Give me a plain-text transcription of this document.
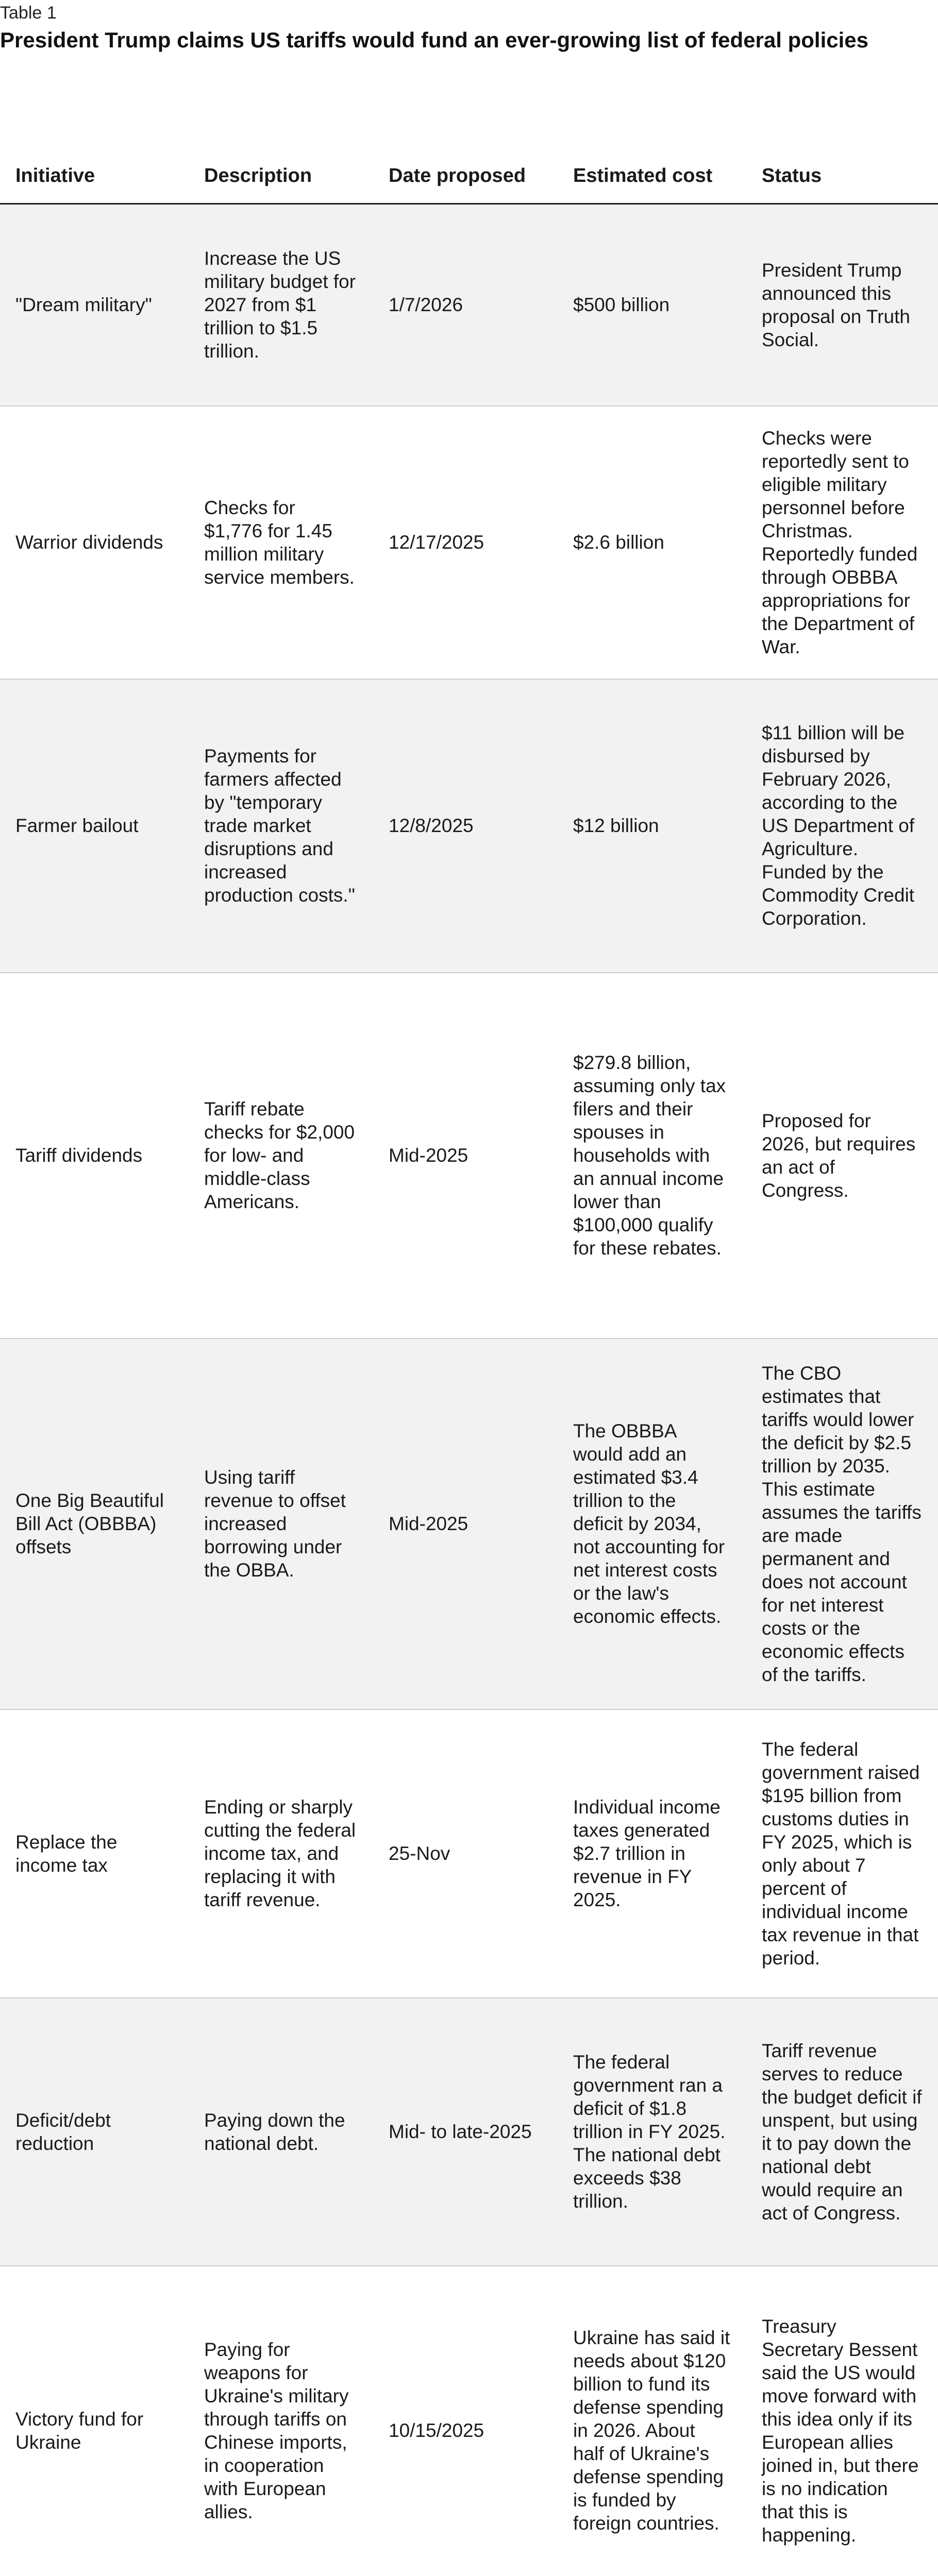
Table 1
President Trump claims US tariffs would fund an ever-growing list of federal policies
Initiative	Description	Date proposed	Estimated cost	Status
"Dream military"	Increase the US military budget for 2027 from $1 trillion to $1.5 trillion.	1/7/2026	$500 billion	President Trump announced this proposal on Truth Social.
Warrior dividends	Checks for $1,776 for 1.45 million military service members.	12/17/2025	$2.6 billion	Checks were reportedly sent to eligible military personnel before Christmas. Reportedly funded through OBBBA appropriations for the Department of War.
Farmer bailout	Payments for farmers affected by "temporary trade market disruptions and increased production costs."	12/8/2025	$12 billion	$11 billion will be disbursed by February 2026, according to the US Department of Agriculture. Funded by the Commodity Credit Corporation.
Tariff dividends	Tariff rebate checks for $2,000 for low- and middle-class Americans.	Mid-2025	$279.8 billion, assuming only tax filers and their spouses in households with an annual income lower than $100,000 qualify for these rebates.	Proposed for 2026, but requires an act of Congress.
One Big Beautiful Bill Act (OBBBA) offsets	Using tariff revenue to offset increased borrowing under the OBBA.	Mid-2025	The OBBBA would add an estimated $3.4 trillion to the deficit by 2034, not accounting for net interest costs or the law's economic effects.	The CBO estimates that tariffs would lower the deficit by $2.5 trillion by 2035. This estimate assumes the tariffs are made permanent and does not account for net interest costs or the economic effects of the tariffs.
Replace the income tax	Ending or sharply cutting the federal income tax, and replacing it with tariff revenue.	25-Nov	Individual income taxes generated $2.7 trillion in revenue in FY 2025.	The federal government raised $195 billion from customs duties in FY 2025, which is only about 7 percent of individual income tax revenue in that period.
Deficit/debt reduction	Paying down the national debt.	Mid- to late-2025	The federal government ran a deficit of $1.8 trillion in FY 2025. The national debt exceeds $38 trillion.	Tariff revenue serves to reduce the budget deficit if unspent, but using it to pay down the national debt would require an act of Congress.
Victory fund for Ukraine	Paying for weapons for Ukraine's military through tariffs on Chinese imports, in cooperation with European allies.	10/15/2025	Ukraine has said it needs about $120 billion to fund its defense spending in 2026. About half of Ukraine's defense spending is funded by foreign countries.	Treasury Secretary Bessent said the US would move forward with this idea only if its European allies joined in, but there is no indication that this is happening.
